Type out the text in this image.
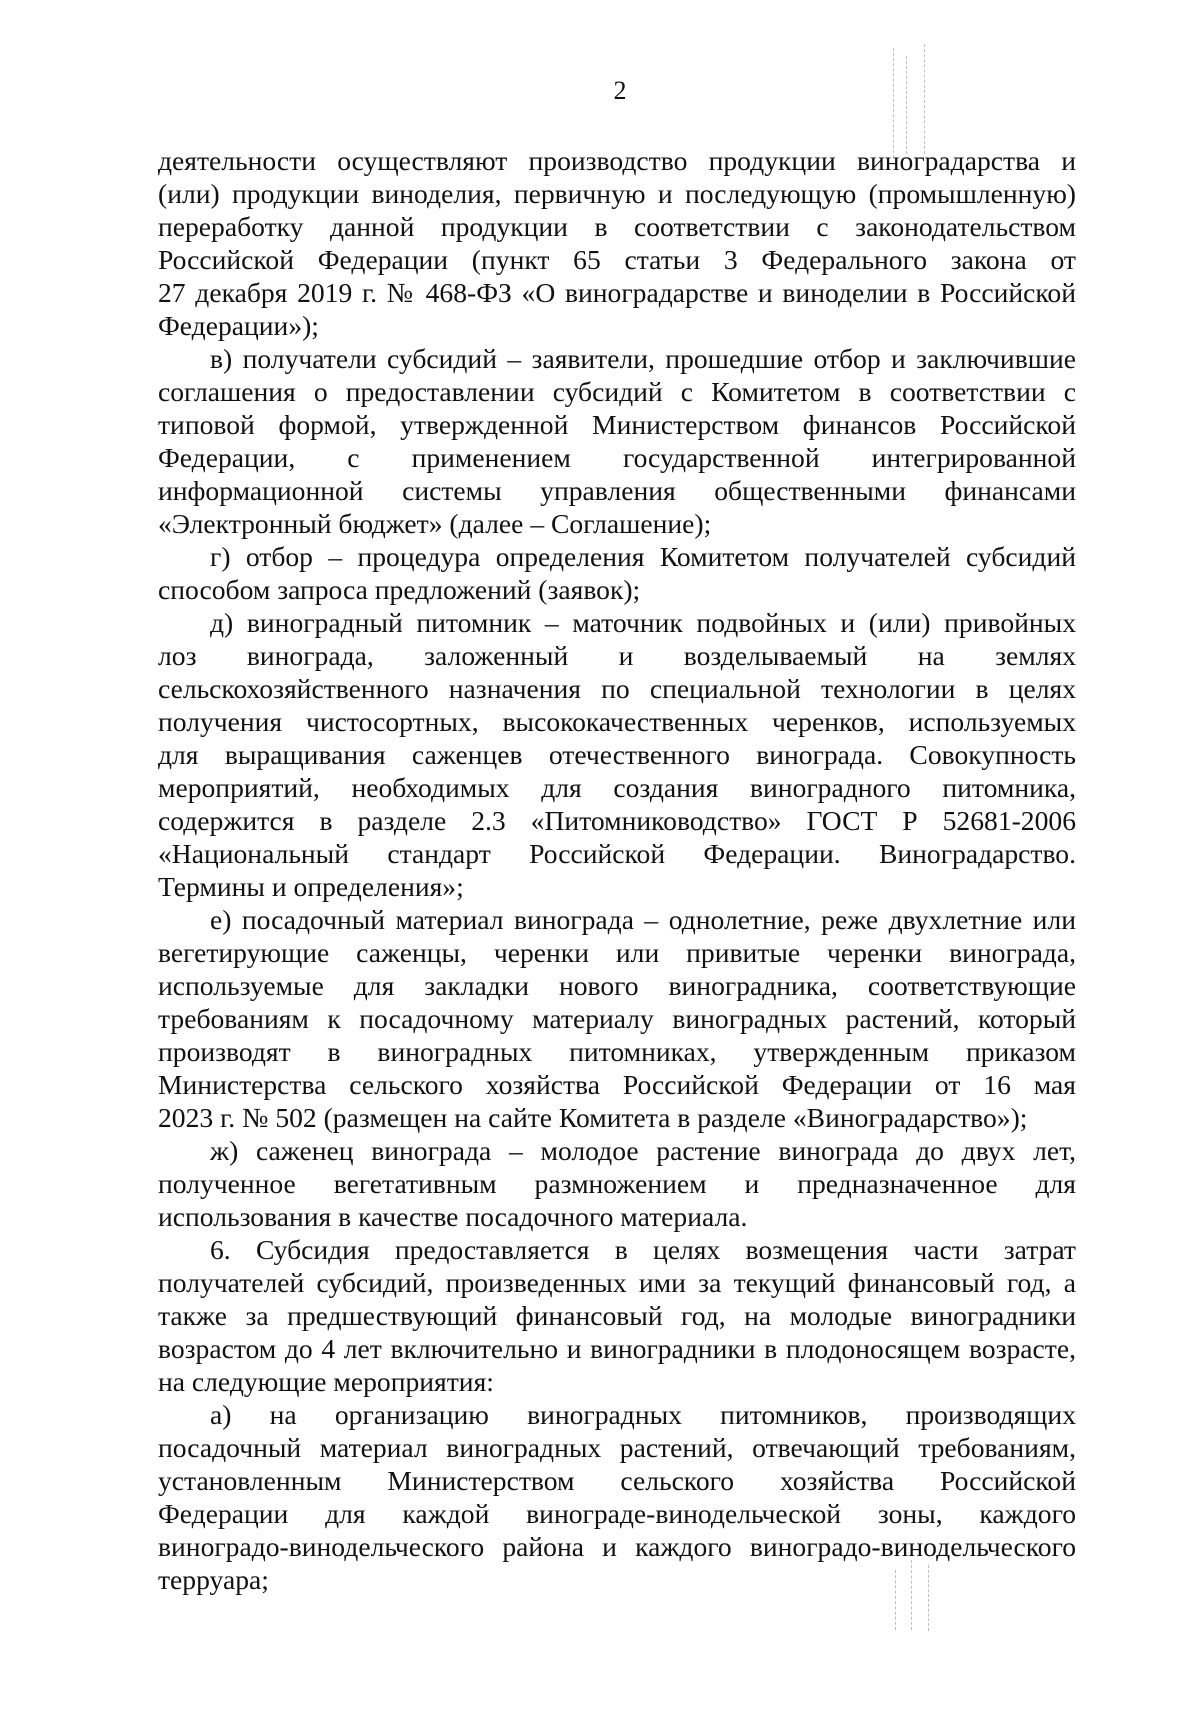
2

деятельности осуществляют производство продукции виноградарства и
(или) продукции виноделия, первичную и последующую (промышленную)
переработку данной продукции в соответствии с законодательством
Российской Федерации (пункт 65 статьи 3 Федерального закона от
27 декабря 2019 г. № 468-ФЗ «О виноградарстве и виноделии в Российской
Федерации»);

в) получатели субсидий – заявители, прошедшие отбор и заключившие
соглашения о предоставлении субсидий с Комитетом в соответствии с
типовой формой, утвержденной Министерством финансов Российской
Федерации, с применением государственной интегрированной
информационной системы управления общественными финансами
«Электронный бюджет» (далее – Соглашение);

г) отбор – процедура определения Комитетом получателей субсидий
способом запроса предложений (заявок);

д) виноградный питомник – маточник подвойных и (или) привойных
лоз винограда, заложенный и возделываемый на землях
сельскохозяйственного назначения по специальной технологии в целях
получения чистосортных, высококачественных черенков, используемых
для выращивания саженцев отечественного винограда. Совокупность
мероприятий, необходимых для создания виноградного питомника,
содержится в разделе 2.3 «Питомниководство» ГОСТ Р 52681-2006
«Национальный стандарт Российской Федерации. Виноградарство.
Термины и определения»;

е) посадочный материал винограда – однолетние, реже двухлетние или
вегетирующие саженцы, черенки или привитые черенки винограда,
используемые для закладки нового виноградника, соответствующие
требованиям к посадочному материалу виноградных растений, который
производят в виноградных питомниках, утвержденным приказом
Министерства сельского хозяйства Российской Федерации от 16 мая
2023 г. № 502 (размещен на сайте Комитета в разделе «Виноградарство»);

ж) саженец винограда – молодое растение винограда до двух лет,
полученное вегетативным размножением и предназначенное для
использования в качестве посадочного материала.

6. Субсидия предоставляется в целях возмещения части затрат
получателей субсидий, произведенных ими за текущий финансовый год, а
также за предшествующий финансовый год, на молодые виноградники
возрастом до 4 лет включительно и виноградники в плодоносящем возрасте,
на следующие мероприятия:

а) на организацию виноградных питомников, производящих
посадочный материал виноградных растений, отвечающий требованиям,
установленным Министерством сельского хозяйства Российской
Федерации для каждой винограде-винодельческой зоны, каждого
виноградо-винодельческого района и каждого виноградо-винодельческого
терруара;
